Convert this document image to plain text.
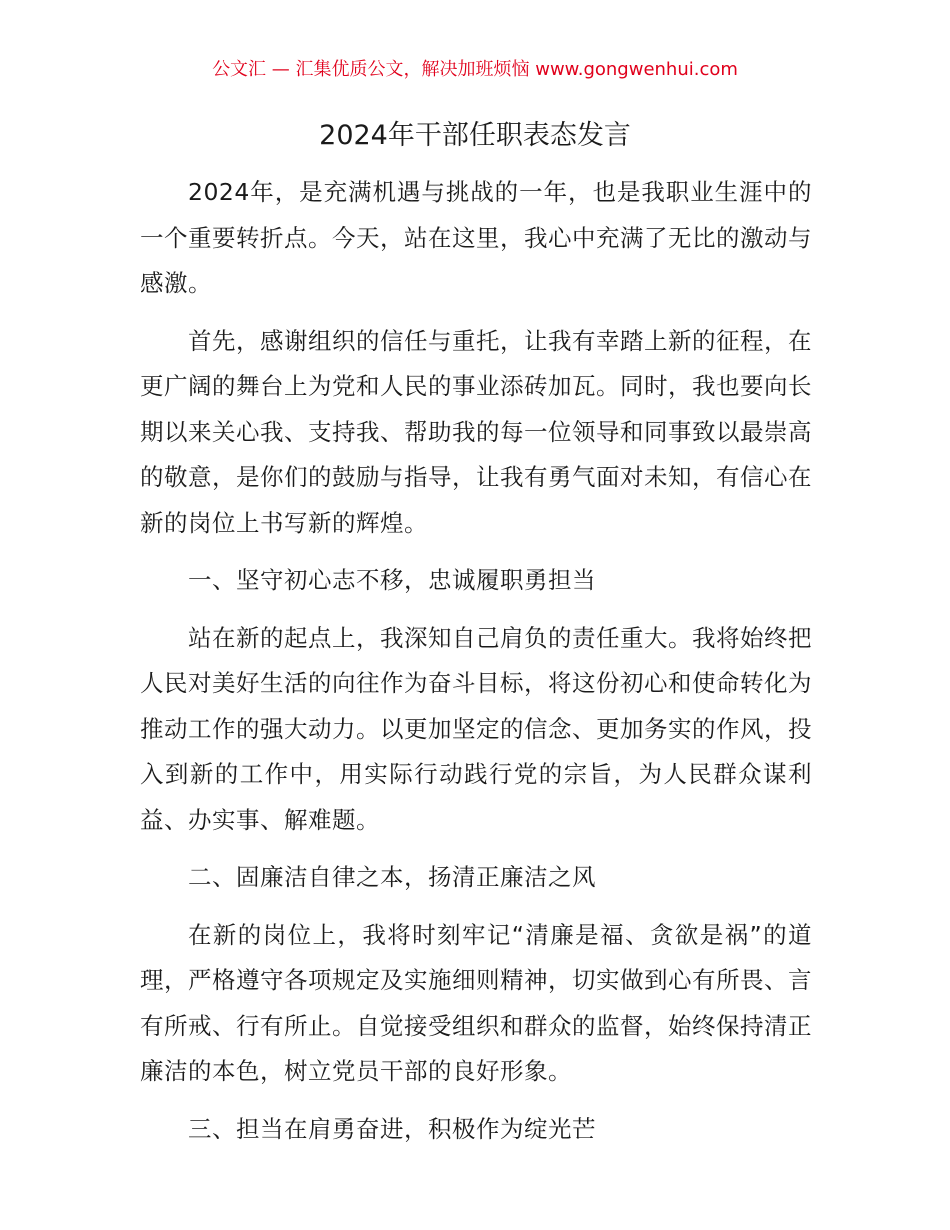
公文汇 — 汇集优质公文，解决加班烦恼 www.gongwenhui.com
2024年干部任职表态发言

2024年，是充满机遇与挑战的一年，也是我职业生涯中的一个重要转折点。今天，站在这里，我心中充满了无比的激动与感激。

首先，感谢组织的信任与重托，让我有幸踏上新的征程，在更广阔的舞台上为党和人民的事业添砖加瓦。同时，我也要向长期以来关心我、支持我、帮助我的每一位领导和同事致以最崇高的敬意，是你们的鼓励与指导，让我有勇气面对未知，有信心在新的岗位上书写新的辉煌。

一、坚守初心志不移，忠诚履职勇担当

站在新的起点上，我深知自己肩负的责任重大。我将始终把人民对美好生活的向往作为奋斗目标，将这份初心和使命转化为推动工作的强大动力。以更加坚定的信念、更加务实的作风，投入到新的工作中，用实际行动践行党的宗旨，为人民群众谋利益、办实事、解难题。

二、固廉洁自律之本，扬清正廉洁之风

在新的岗位上，我将时刻牢记“清廉是福、贪欲是祸”的道理，严格遵守各项规定及实施细则精神，切实做到心有所畏、言有所戒、行有所止。自觉接受组织和群众的监督，始终保持清正廉洁的本色，树立党员干部的良好形象。

三、担当在肩勇奋进，积极作为绽光芒
